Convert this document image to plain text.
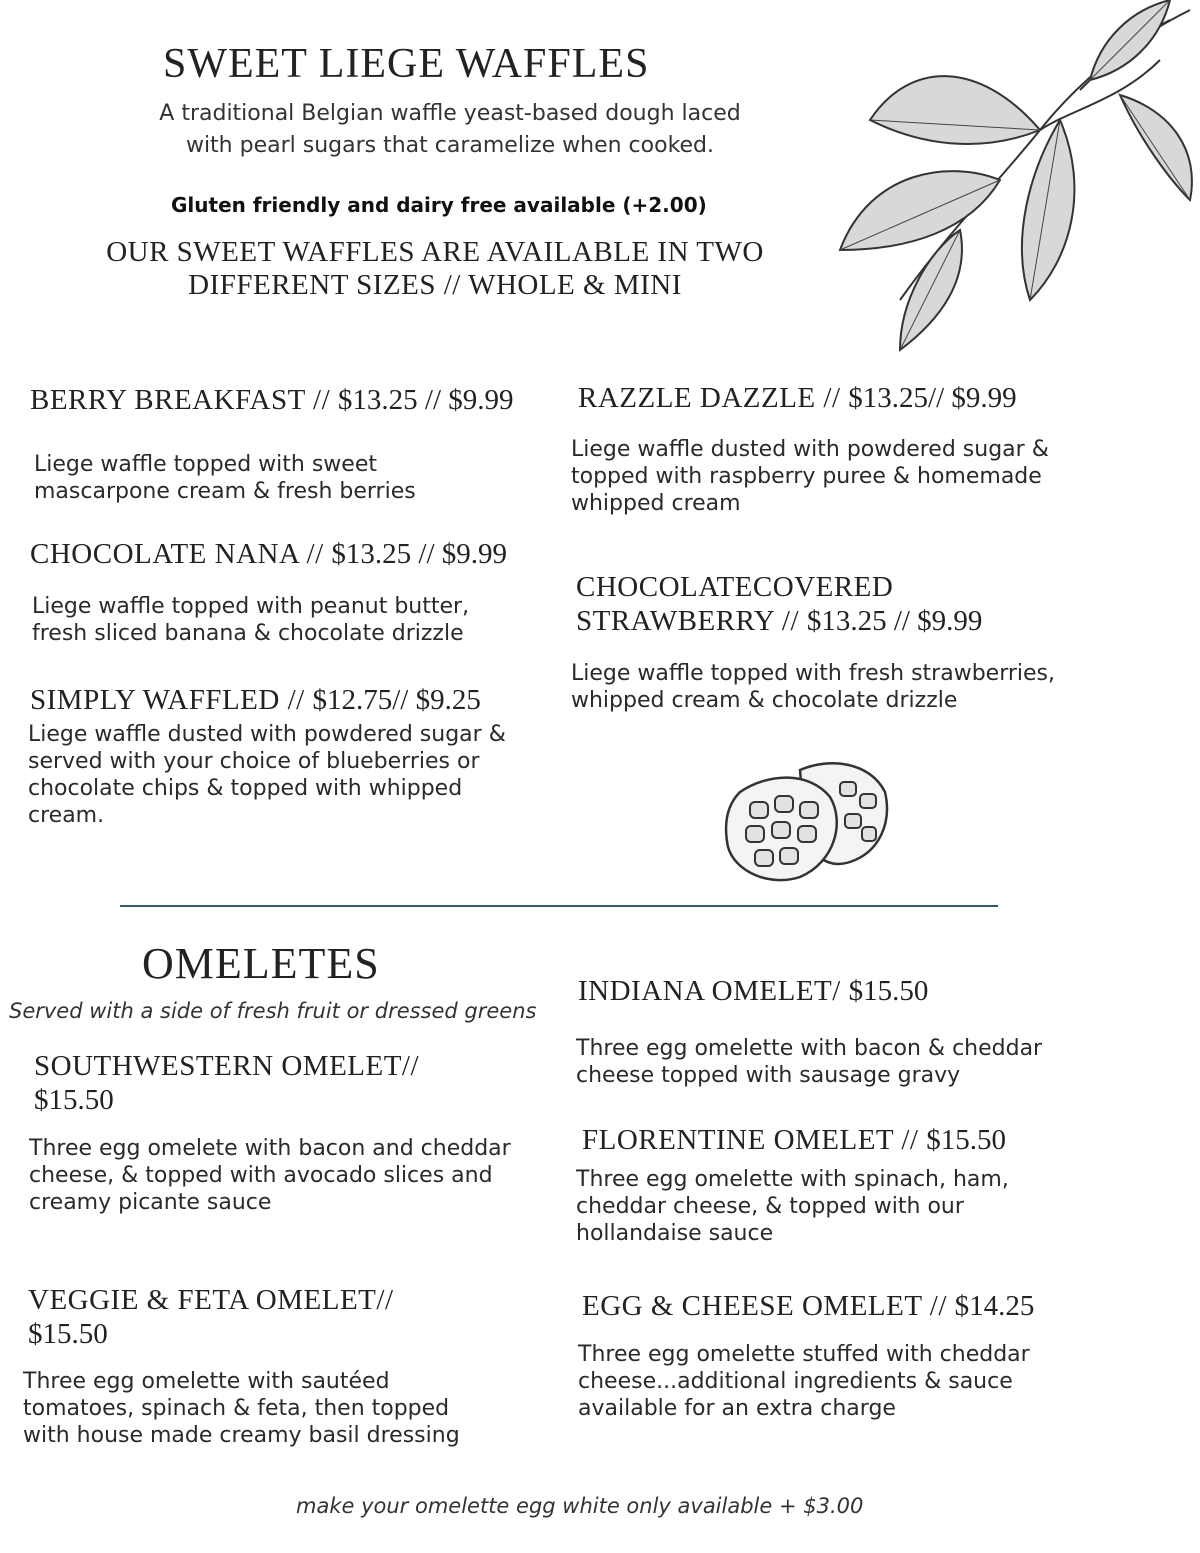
SWEET LIEGE WAFFLES
A traditional Belgian waffle yeast-based dough laced
with pearl sugars that caramelize when cooked.
Gluten friendly and dairy free available (+2.00)
OUR SWEET WAFFLES ARE AVAILABLE IN TWO
DIFFERENT SIZES // WHOLE & MINI
BERRY BREAKFAST // $13.25 // $9.99
Liege waffle topped with sweet mascarpone cream & fresh berries
CHOCOLATE NANA // $13.25 // $9.99
Liege waffle topped with peanut butter, fresh sliced banana & chocolate drizzle
SIMPLY WAFFLED // $12.75// $9.25
Liege waffle dusted with powdered sugar & served with your choice of blueberries or chocolate chips & topped with whipped cream.
RAZZLE DAZZLE // $13.25// $9.99
Liege waffle dusted with powdered sugar & topped with raspberry puree & homemade whipped cream
CHOCOLATECOVERED
STRAWBERRY // $13.25 // $9.99
Liege waffle topped with fresh strawberries, whipped cream & chocolate drizzle
OMELETES
Served with a side of fresh fruit or dressed greens
SOUTHWESTERN OMELET//
$15.50
Three egg omelete with bacon and cheddar cheese, & topped with avocado slices and creamy picante sauce
VEGGIE & FETA OMELET//
$15.50
Three egg omelette with sautéed tomatoes, spinach & feta, then topped with house made creamy basil dressing
INDIANA OMELET/ $15.50
Three egg omelette with bacon & cheddar cheese topped with sausage gravy
FLORENTINE OMELET // $15.50
Three egg omelette with spinach, ham, cheddar cheese, & topped with our hollandaise sauce
EGG & CHEESE OMELET // $14.25
Three egg omelette stuffed with cheddar cheese...additional ingredients & sauce available for an extra charge
make your omelette egg white only available + $3.00
